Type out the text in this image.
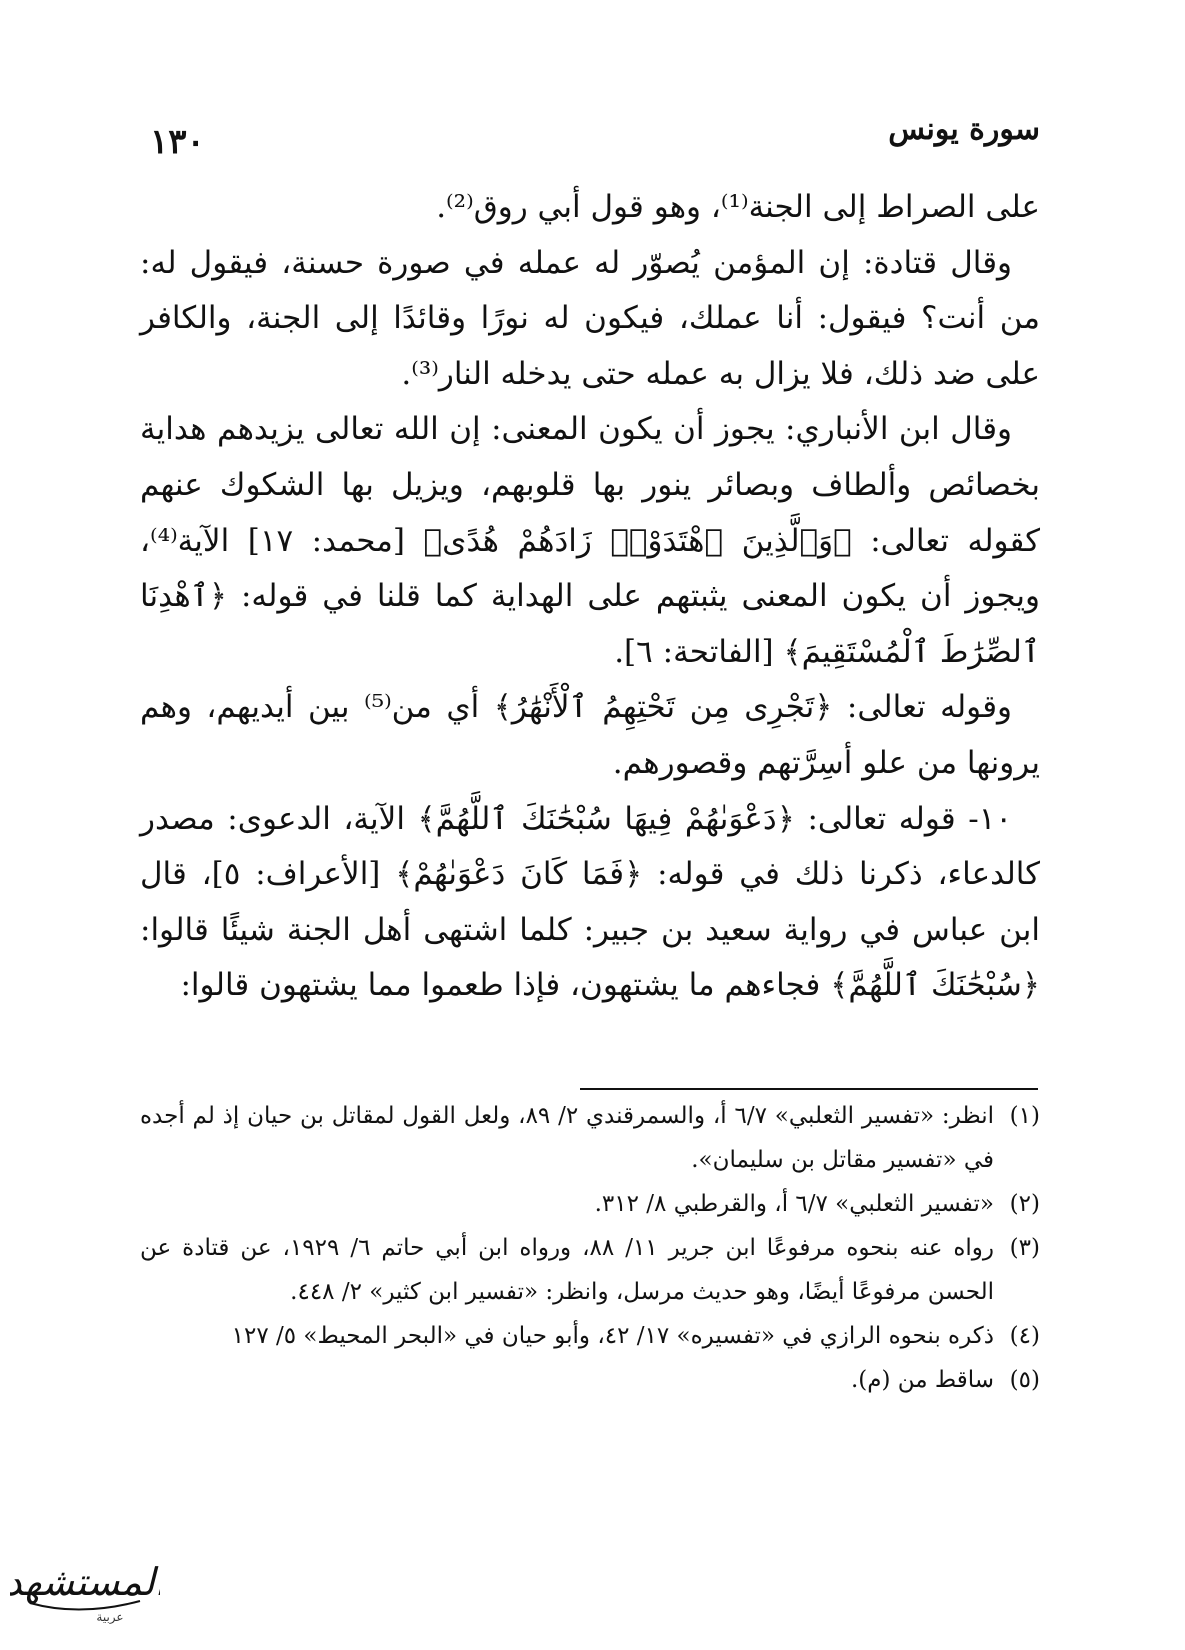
١٣٠	سورة يونس

على الصراط إلى الجنة⁽¹⁾، وهو قول أبي روق⁽²⁾.

وقال قتادة: إن المؤمن يُصوّر له عمله في صورة حسنة، فيقول له: من أنت؟ فيقول: أنا عملك، فيكون له نورًا وقائدًا إلى الجنة، والكافر على ضد ذلك، فلا يزال به عمله حتى يدخله النار⁽³⁾.

وقال ابن الأنباري: يجوز أن يكون المعنى: إن الله تعالى يزيدهم هداية بخصائص وألطاف وبصائر ينور بها قلوبهم، ويزيل بها الشكوك عنهم كقوله تعالى: ﴿وَٱلَّذِينَ ٱهْتَدَوْا۟ زَادَهُمْ هُدًى﴾ [محمد: ١٧] الآية⁽⁴⁾، ويجوز أن يكون المعنى يثبتهم على الهداية كما قلنا في قوله: ﴿ٱهْدِنَا ٱلصِّرَٰطَ ٱلْمُسْتَقِيمَ﴾ [الفاتحة: ٦].

وقوله تعالى: ﴿تَجْرِى مِن تَحْتِهِمُ ٱلْأَنْهَٰرُ﴾ أي من⁽⁵⁾ بين أيديهم، وهم يرونها من علو أسِرَّتهم وقصورهم.

١٠- قوله تعالى: ﴿دَعْوَىٰهُمْ فِيهَا سُبْحَٰنَكَ ٱللَّهُمَّ﴾ الآية، الدعوى: مصدر كالدعاء، ذكرنا ذلك في قوله: ﴿فَمَا كَانَ دَعْوَىٰهُمْ﴾ [الأعراف: ٥]، قال ابن عباس في رواية سعيد بن جبير: كلما اشتهى أهل الجنة شيئًا قالوا: ﴿سُبْحَٰنَكَ ٱللَّهُمَّ﴾ فجاءهم ما يشتهون، فإذا طعموا مما يشتهون قالوا:

(١)
انظر: «تفسير الثعلبي» ٦/٧ أ، والسمرقندي ٢/ ٨٩، ولعل القول لمقاتل بن حيان إذ لم أجده في «تفسير مقاتل بن سليمان».
(٢)
«تفسير الثعلبي» ٦/٧ أ، والقرطبي ٨/ ٣١٢.
(٣)
رواه عنه بنحوه مرفوعًا ابن جرير ١١/ ٨٨، ورواه ابن أبي حاتم ٦/ ١٩٢٩، عن قتادة عن الحسن مرفوعًا أيضًا، وهو حديث مرسل، وانظر: «تفسير ابن كثير» ٢/ ٤٤٨.
(٤)
ذكره بنحوه الرازي في «تفسيره» ١٧/ ٤٢، وأبو حيان في «البحر المحيط» ٥/ ١٢٧
(٥)
ساقط من (م).
المستشهد
عربية
